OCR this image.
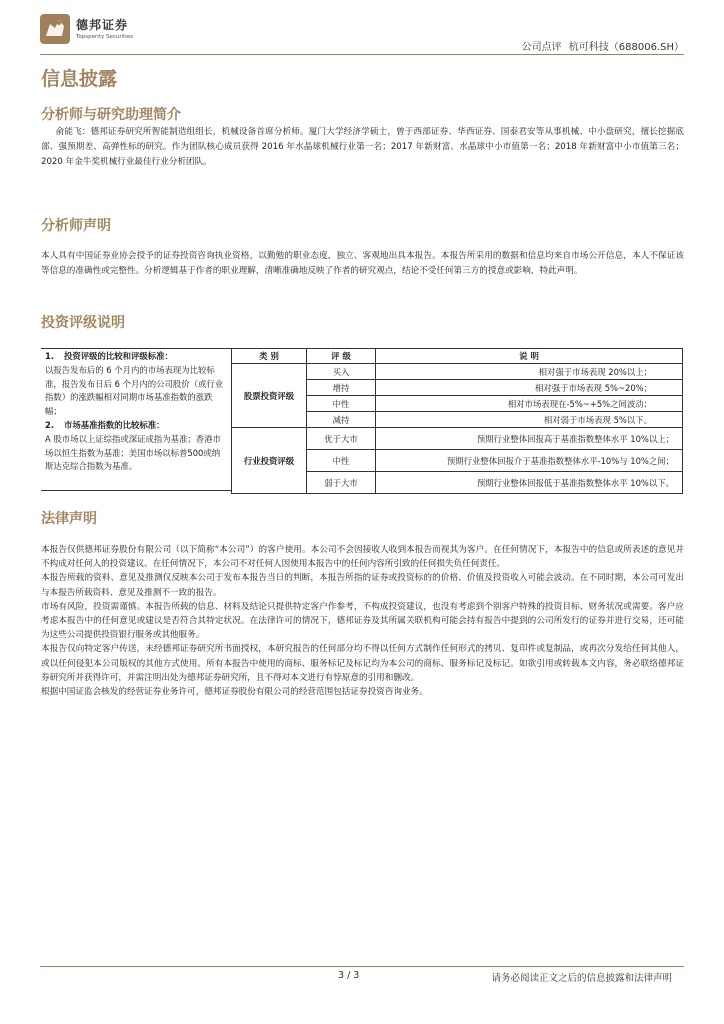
德邦证券
Topsperity Securities
公司点评 杭可科技（688006.SH）
信息披露
分析师与研究助理简介
俞能飞：德邦证券研究所智能制造组组长，机械设备首席分析师。厦门大学经济学硕士，曾于西部证券、华西证券、国泰君安等从事机械、中小盘研究，擅长挖掘底部、强预期差、高弹性标的研究。作为团队核心成员获得 2016 年水晶球机械行业第一名；2017 年新财富、水晶球中小市值第一名；2018 年新财富中小市值第三名；2020 年金牛奖机械行业最佳行业分析团队。
分析师声明
本人具有中国证券业协会授予的证券投资咨询执业资格，以勤勉的职业态度，独立、客观地出具本报告。本报告所采用的数据和信息均来自市场公开信息，本人不保证该等信息的准确性或完整性。分析逻辑基于作者的职业理解，清晰准确地反映了作者的研究观点，结论不受任何第三方的授意或影响，特此声明。
投资评级说明
1. 投资评级的比较和评级标准：
以报告发布后的 6 个月内的市场表现为比较标准，报告发布日后 6 个月内的公司股价（或行业指数）的涨跌幅相对同期市场基准指数的涨跌幅；
2. 市场基准指数的比较标准：
A 股市场以上证综指或深证成指为基准；香港市场以恒生指数为基准；美国市场以标普500或纳斯达克综合指数为基准。
类 别	评 级	说 明
股票投资评级	买入	相对强于市场表现 20%以上；
	增持	相对强于市场表现 5%~20%；
	中性	相对市场表现在-5%~+5%之间波动；
	减持	相对弱于市场表现 5%以下。
行业投资评级	优于大市	预期行业整体回报高于基准指数整体水平 10%以上；
	中性	预期行业整体回报介于基准指数整体水平-10%与 10%之间；
	弱于大市	预期行业整体回报低于基准指数整体水平 10%以下。
法律声明
本报告仅供德邦证券股份有限公司（以下简称“本公司”）的客户使用。本公司不会因接收人收到本报告而视其为客户。在任何情况下，本报告中的信息或所表述的意见并不构成对任何人的投资建议。在任何情况下，本公司不对任何人因使用本报告中的任何内容所引致的任何损失负任何责任。
本报告所载的资料、意见及推测仅反映本公司于发布本报告当日的判断，本报告所指的证券或投资标的的价格、价值及投资收入可能会波动。在不同时期，本公司可发出与本报告所载资料、意见及推测不一致的报告。
市场有风险，投资需谨慎。本报告所载的信息、材料及结论只提供特定客户作参考，不构成投资建议，也没有考虑到个别客户特殊的投资目标、财务状况或需要。客户应考虑本报告中的任何意见或建议是否符合其特定状况。在法律许可的情况下，德邦证券及其所属关联机构可能会持有报告中提到的公司所发行的证券并进行交易，还可能为这些公司提供投资银行服务或其他服务。
本报告仅向特定客户传送，未经德邦证券研究所书面授权，本研究报告的任何部分均不得以任何方式制作任何形式的拷贝、复印件或复制品，或再次分发给任何其他人，或以任何侵犯本公司版权的其他方式使用。所有本报告中使用的商标、服务标记及标记均为本公司的商标、服务标记及标记。如欲引用或转载本文内容，务必联络德邦证券研究所并获得许可，并需注明出处为德邦证券研究所，且不得对本文进行有悖原意的引用和删改。
根据中国证监会核发的经营证券业务许可，德邦证券股份有限公司的经营范围包括证券投资咨询业务。
3 / 3	请务必阅读正文之后的信息披露和法律声明
